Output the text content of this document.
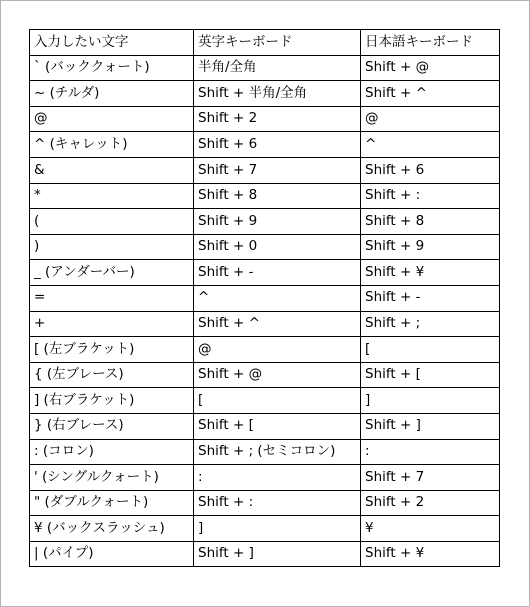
入力したい文字	英字キーボード	日本語キーボード
` (バッククォート)	半角/全角	Shift + @
~ (チルダ)	Shift + 半角/全角	Shift + ^
@	Shift + 2	@
^ (キャレット)	Shift + 6	^
&	Shift + 7	Shift + 6
*	Shift + 8	Shift + :
(	Shift + 9	Shift + 8
)	Shift + 0	Shift + 9
_ (アンダーバー)	Shift + -	Shift + ¥
=	^	Shift + -
+	Shift + ^	Shift + ;
[ (左ブラケット)	@	[
{ (左ブレース)	Shift + @	Shift + [
] (右ブラケット)	[	]
} (右ブレース)	Shift + [	Shift + ]
: (コロン)	Shift + ; (セミコロン)	:
' (シングルクォート)	:	Shift + 7
" (ダブルクォート)	Shift + :	Shift + 2
¥ (バックスラッシュ)	]	¥
| (パイプ)	Shift + ]	Shift + ¥
